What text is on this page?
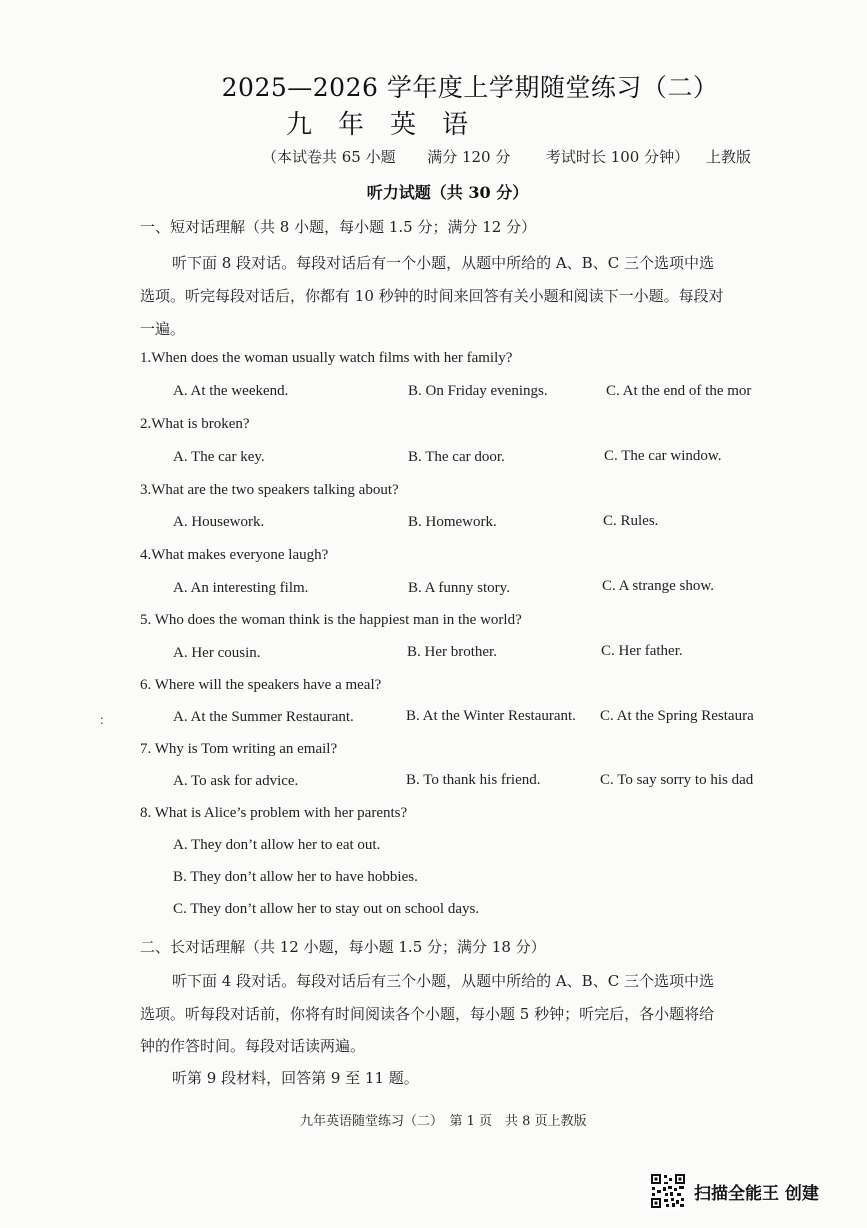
2025—2026 学年度上学期随堂练习（二）
九年英语
（本试卷共 65 小题 满分 120 分 考试时长 100 分钟） 上教版
听力试题（共 30 分）
一、短对话理解（共 8 小题，每小题 1.5 分；满分 12 分）
听下面 8 段对话。每段对话后有一个小题，从题中所给的 A、B、C 三个选项中选
选项。听完每段对话后，你都有 10 秒钟的时间来回答有关小题和阅读下一小题。每段对
一遍。
1.When does the woman usually watch films with her family?
A. At the weekend.	B. On Friday evenings.	C. At the end of the mor
2.What is broken?
A. The car key.	B. The car door.	C. The car window.
3.What are the two speakers talking about?
A. Housework.	B. Homework.	C. Rules.
4.What makes everyone laugh?
A. An interesting film.	B. A funny story.	C. A strange show.
5. Who does the woman think is the happiest man in the world?
A. Her cousin.	B. Her brother.	C. Her father.
6. Where will the speakers have a meal?
：	A. At the Summer Restaurant.	B. At the Winter Restaurant. C. At the Spring Restaura
7. Why is Tom writing an email?
A. To ask for advice.	B. To thank his friend.	C. To say sorry to his dad
8. What is Alice’s problem with her parents?
A. They don’t allow her to eat out.
B. They don’t allow her to have hobbies.
C. They don’t allow her to stay out on school days.
二、长对话理解（共 12 小题，每小题 1.5 分；满分 18 分）
听下面 4 段对话。每段对话后有三个小题，从题中所给的 A、B、C 三个选项中选
选项。听每段对话前，你将有时间阅读各个小题，每小题 5 秒钟；听完后，各小题将给
钟的作答时间。每段对话读两遍。
听第 9 段材料，回答第 9 至 11 题。
九年英语随堂练习（二）　第 1 页　共 8 页上教版
扫描全能王 创建
